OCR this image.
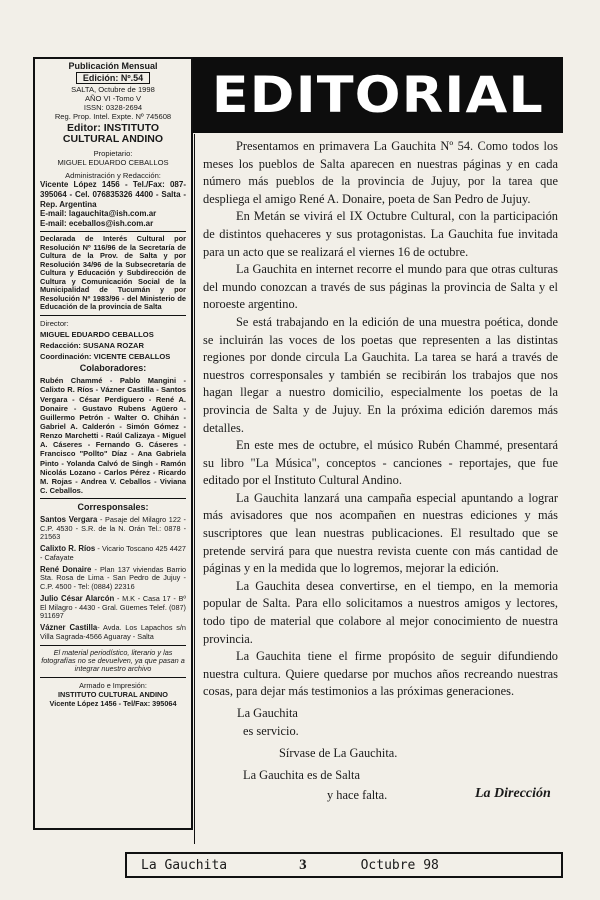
Publicación Mensual
Edición: Nº.54
SALTA, Octubre de 1998
AÑO VI -Tomo V
ISSN: 0328-2694
Reg. Prop. Intel. Expte. Nº 745608
Editor: INSTITUTO CULTURAL ANDINO
Propietario:
MIGUEL EDUARDO CEBALLOS
Administración y Redacción:
Vicente López 1456 - Tel./Fax: 087-395064 - Cel. 076835326 4400 - Salta - Rep. Argentina
E-mail: lagauchita@ish.com.ar
E-mail: eceballos@ish.com.ar
Declarada de Interés Cultural por Resolución Nº 116/96 de la Secretaría de Cultura de la Prov. de Salta y por Resolución 34/96 de la Subsecretaría de Cultura y Educación y Subdirección de Cultura y Comunicación Social de la Municipalidad de Tucumán y por Resolución Nº 1983/96 - del Ministerio de Educación de la provincia de Salta
Director:
MIGUEL EDUARDO CEBALLOS
Redacción: SUSANA ROZAR
Coordinación: VICENTE CEBALLOS
Colaboradores:
Rubén Chammé - Pablo Mangini - Calixto R. Ríos - Vázner Castilla - Santos Vergara - César Perdiguero - René A. Donaire - Gustavo Rubens Agüero - Guillermo Petrón - Walter O. Chihán - Gabriel A. Calderón - Simón Gómez - Renzo Marchetti - Raúl Calizaya - Miguel A. Cáseres - Fernando G. Cáseres - Francisco "Pollto" Díaz - Ana Gabriela Pinto - Yolanda Calvó de Singh - Ramón Nicolás Lozano - Carlos Pérez - Ricardo M. Rojas - Andrea V. Ceballos - Viviana C. Ceballos.
Corresponsales:

Santos Vergara - Pasaje del Milagro 122 - C.P. 4530 - S.R. de la N. Orán Tel.: 0878 - 21563

Calixto R. Ríos - Vicario Toscano 425 4427 - Cafayate

René Donaire - Plan 137 viviendas Barrio Sta. Rosa de Lima - San Pedro de Jujuy - C.P. 4500 - Tel: (0884) 22316

Julio César Alarcón - M.K - Casa 17 - Bº El Milagro - 4430 - Gral. Güemes Telef. (087) 911697

Vázner Castilla- Avda. Los Lapachos s/n Villa Sagrada-4566 Aguaray - Salta

El material periodístico, literario y las fotografías no se devuelven, ya que pasan a integrar nuestro archivo
Armado e Impresión:
INSTITUTO CULTURAL ANDINO
Vicente López 1456 - Tel/Fax: 395064
EDITORIAL

Presentamos en primavera La Gauchita Nº 54. Como todos los meses los pueblos de Salta aparecen en nuestras páginas y en cada número más pueblos de la provincia de Jujuy, por la tarea que despliega el amigo René A. Donaire, poeta de San Pedro de Jujuy.

En Metán se vivirá el IX Octubre Cultural, con la participación de distintos quehaceres y sus protagonistas. La Gauchita fue invitada para un acto que se realizará el viernes 16 de octubre.

La Gauchita en internet recorre el mundo para que otras culturas del mundo conozcan a través de sus páginas la provincia de Salta y el noroeste argentino.

Se está trabajando en la edición de una muestra poética, donde se incluirán las voces de los poetas que representen a las distintas regiones por donde circula La Gauchita. La tarea se hará a través de nuestros corresponsales y también se recibirán los trabajos que nos hagan llegar a nuestro domicilio, especialmente los poetas de la provincia de Salta y de Jujuy. En la próxima edición daremos más detalles.

En este mes de octubre, el músico Rubén Chammé, presentará su libro "La Música", conceptos - canciones - reportajes, que fue editado por el Instituto Cultural Andino.

La Gauchita lanzará una campaña especial apuntando a lograr más avisadores que nos acompañen en nuestras ediciones y más suscriptores que lean nuestras publicaciones. El resultado que se pretende servirá para que nuestra revista cuente con más cantidad de páginas y en la medida que lo logremos, mejorar la edición.

La Gauchita desea convertirse, en el tiempo, en la memoria popular de Salta. Para ello solicitamos a nuestros amigos y lectores, todo tipo de material que colabore al mejor conocimiento de nuestra provincia.

La Gauchita tiene el firme propósito de seguir difundiendo nuestra cultura. Quiere quedarse por muchos años recreando nuestras cosas, para dejar más testimonios a las próximas generaciones.

La Gauchita
es servicio.
Sírvase de La Gauchita.
La Gauchita es de Salta
y hace falta.	La Dirección
La Gauchita	3	Octubre 98
